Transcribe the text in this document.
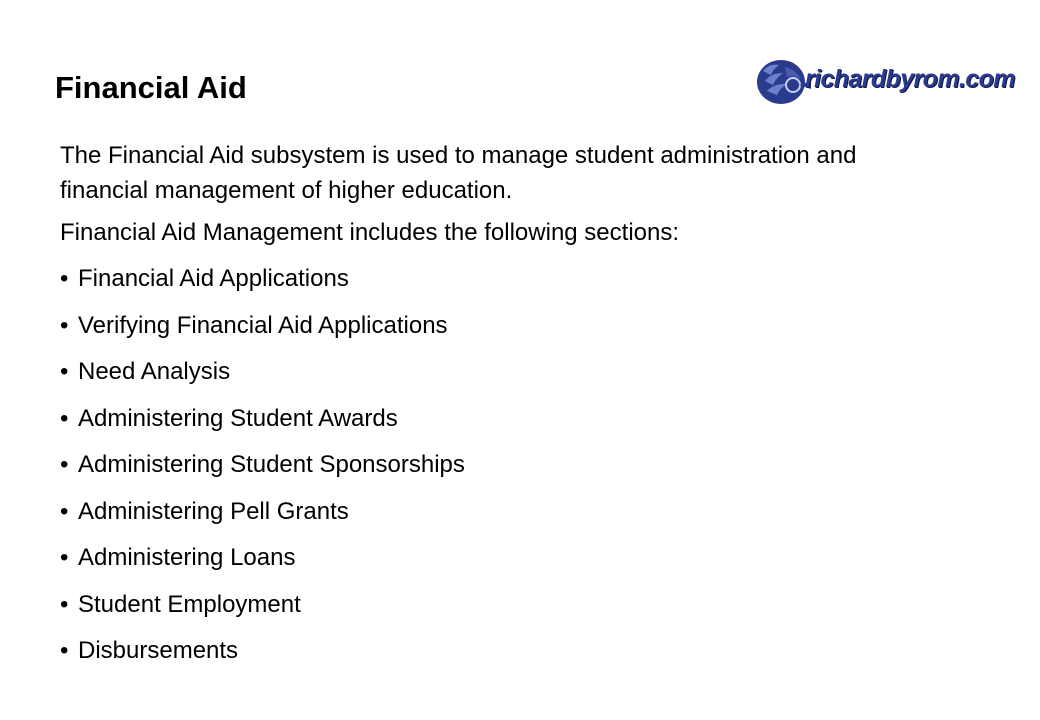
Financial Aid	richardbyrom.com

The Financial Aid subsystem is used to manage student administration and financial management of higher education.

Financial Aid Management includes the following sections:

• Financial Aid Applications
• Verifying Financial Aid Applications
• Need Analysis
• Administering Student Awards
• Administering Student Sponsorships
• Administering Pell Grants
• Administering Loans
• Student Employment
• Disbursements
